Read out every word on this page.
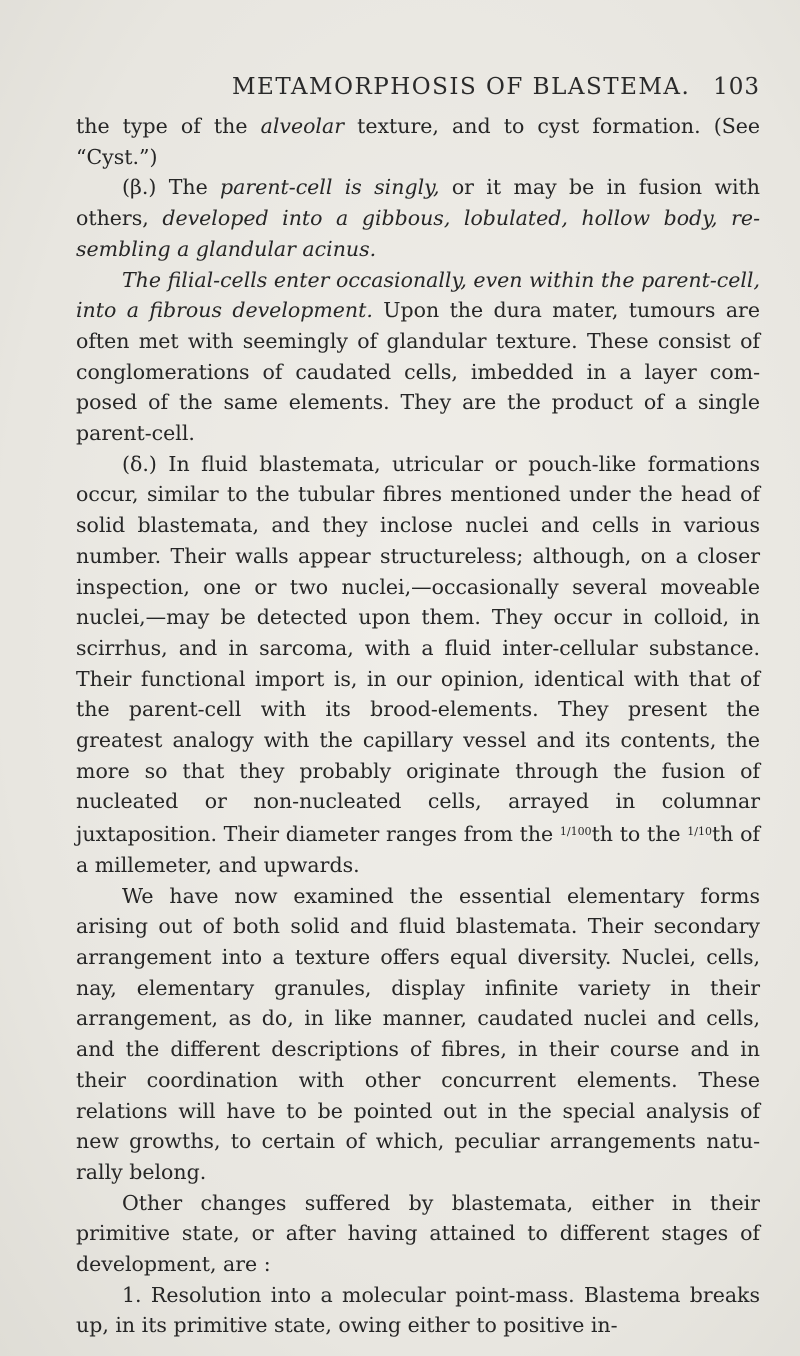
METAMORPHOSIS OF BLASTEMA. 103

the type of the alveolar texture, and to cyst formation. (See “Cyst.”)

(β.) The parent-cell is singly, or it may be in fusion with others, developed into a gibbous, lobulated, hollow body, resembling a glandular acinus.

The filial-cells enter occasionally, even within the parent-cell, into a fibrous development. Upon the dura mater, tumours are often met with seemingly of glandular texture. These consist of conglomerations of caudated cells, imbedded in a layer composed of the same elements. They are the product of a single parent-cell.

(δ.) In fluid blastemata, utricular or pouch-like formations occur, similar to the tubular fibres mentioned under the head of solid blastemata, and they inclose nuclei and cells in various number. Their walls appear structureless; although, on a closer inspection, one or two nuclei,—occasionally several moveable nuclei,—may be detected upon them. They occur in colloid, in scirrhus, and in sarcoma, with a fluid inter-cellular substance. Their functional import is, in our opinion, identical with that of the parent-cell with its brood-elements. They present the greatest analogy with the capillary vessel and its contents, the more so that they probably originate through the fusion of nucleated or non-nucleated cells, arrayed in columnar juxtaposition. Their diameter ranges from the $^{1/100}$th to the $^{1/10}$th of a millemeter, and upwards.

We have now examined the essential elementary forms arising out of both solid and fluid blastemata. Their secondary arrangement into a texture offers equal diversity. Nuclei, cells, nay, elementary granules, display infinite variety in their arrangement, as do, in like manner, caudated nuclei and cells, and the different descriptions of fibres, in their course and in their coordination with other concurrent elements. These relations will have to be pointed out in the special analysis of new growths, to certain of which, peculiar arrangements naturally belong.

Other changes suffered by blastemata, either in their primitive state, or after having attained to different stages of development, are :

1. Resolution into a molecular point-mass. Blastema breaks up, in its primitive state, owing either to positive in-
